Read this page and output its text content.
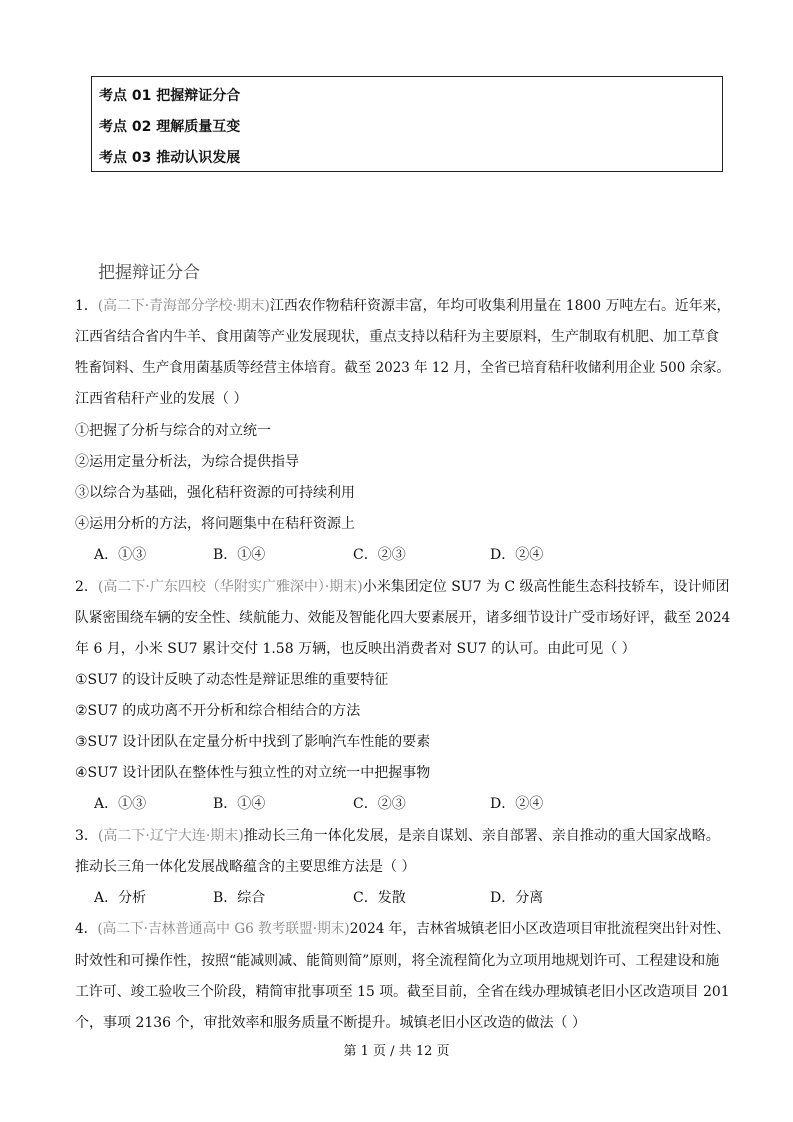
考点 01 把握辩证分合
考点 02 理解质量互变
考点 03 推动认识发展
把握辩证分合
1．(高二下·青海部分学校·期末)江西农作物秸秆资源丰富，年均可收集利用量在 1800 万吨左右。近年来，
江西省结合省内牛羊、食用菌等产业发展现状，重点支持以秸秆为主要原料，生产制取有机肥、加工草食
牲畜饲料、生产食用菌基质等经营主体培育。截至 2023 年 12 月，全省已培育秸秆收储利用企业 500 余家。
江西省秸秆产业的发展（ ）
①把握了分析与综合的对立统一
②运用定量分析法，为综合提供指导
③以综合为基础，强化秸秆资源的可持续利用
④运用分析的方法，将问题集中在秸秆资源上
A．①③	B．①④	C．②③	D．②④
2．(高二下·广东四校（华附实广雅深中）·期末)小米集团定位 SU7 为 C 级高性能生态科技轿车，设计师团
队紧密围绕车辆的安全性、续航能力、效能及智能化四大要素展开，诸多细节设计广受市场好评，截至 2024
年 6 月，小米 SU7 累计交付 1.58 万辆，也反映出消费者对 SU7 的认可。由此可见（ ）
①SU7 的设计反映了动态性是辩证思维的重要特征
②SU7 的成功离不开分析和综合相结合的方法
③SU7 设计团队在定量分析中找到了影响汽车性能的要素
④SU7 设计团队在整体性与独立性的对立统一中把握事物
A．①③	B．①④	C．②③	D．②④
3．(高二下·辽宁大连·期末)推动长三角一体化发展，是亲自谋划、亲自部署、亲自推动的重大国家战略。
推动长三角一体化发展战略蕴含的主要思维方法是（ ）
A．分析	B．综合	C．发散	D．分离
4．(高二下·吉林普通高中 G6 教考联盟·期末)2024 年，吉林省城镇老旧小区改造项目审批流程突出针对性、
时效性和可操作性，按照“能减则减、能简则简”原则，将全流程简化为立项用地规划许可、工程建设和施
工许可、竣工验收三个阶段，精简审批事项至 15 项。截至目前，全省在线办理城镇老旧小区改造项目 201
个，事项 2136 个，审批效率和服务质量不断提升。城镇老旧小区改造的做法（ ）
第 1 页 / 共 12 页
